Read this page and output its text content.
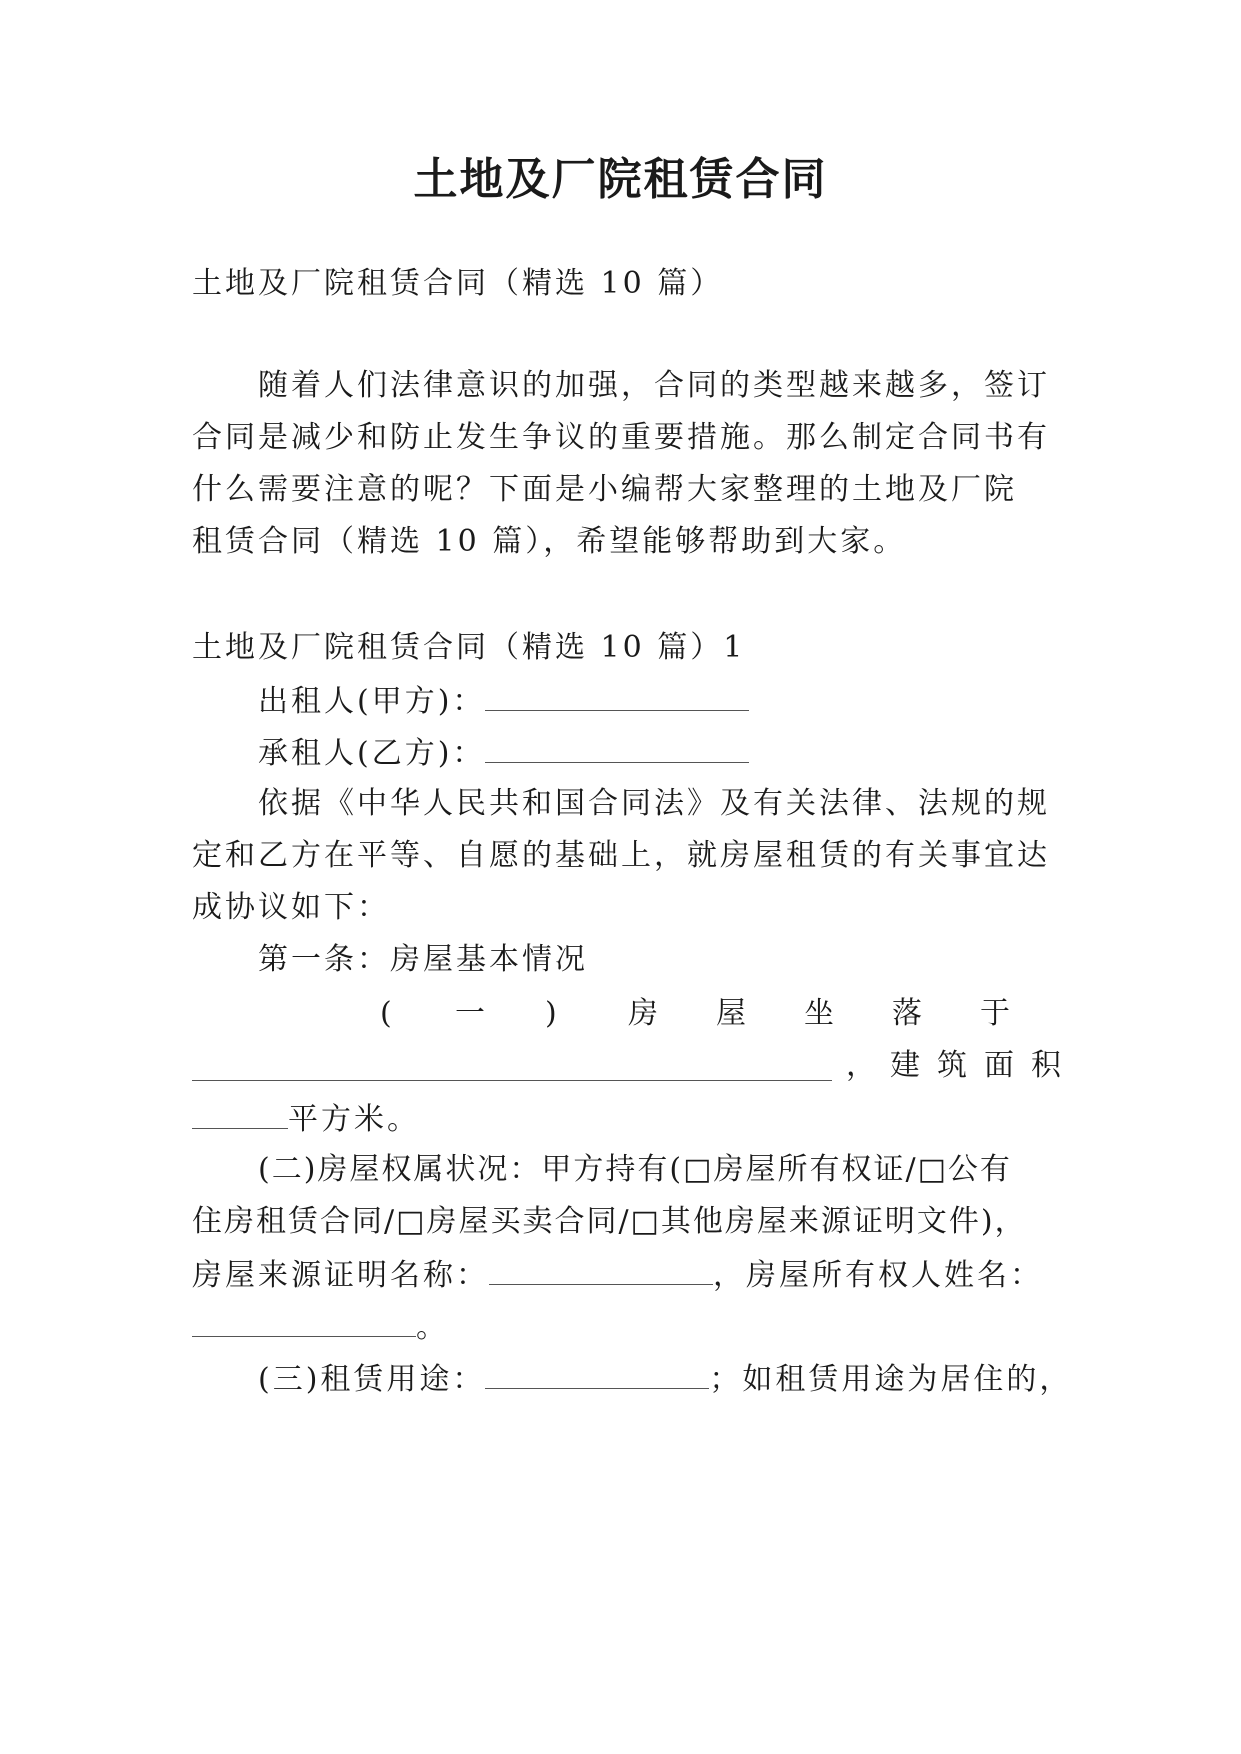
土地及厂院租赁合同
土地及厂院租赁合同（精选 10 篇）
随着人们法律意识的加强，合同的类型越来越多，签订
合同是减少和防止发生争议的重要措施。那么制定合同书有
什么需要注意的呢？下面是小编帮大家整理的土地及厂院
租赁合同（精选 10 篇），希望能够帮助到大家。
土地及厂院租赁合同（精选 10 篇）1
出租人(甲方)：
承租人(乙方)：
依据《中华人民共和国合同法》及有关法律、法规的规
定和乙方在平等、自愿的基础上，就房屋租赁的有关事宜达
成协议如下：
第一条：房屋基本情况
( 一 ) 房 屋 坐 落 于
， 建 筑 面 积
平方米。
(二)房屋权属状况：甲方持有(□房屋所有权证/□公有
住房租赁合同/□房屋买卖合同/□其他房屋来源证明文件)，
房屋来源证明名称：	，房屋所有权人姓名：
。
(三)租赁用途：	；如租赁用途为居住的，
